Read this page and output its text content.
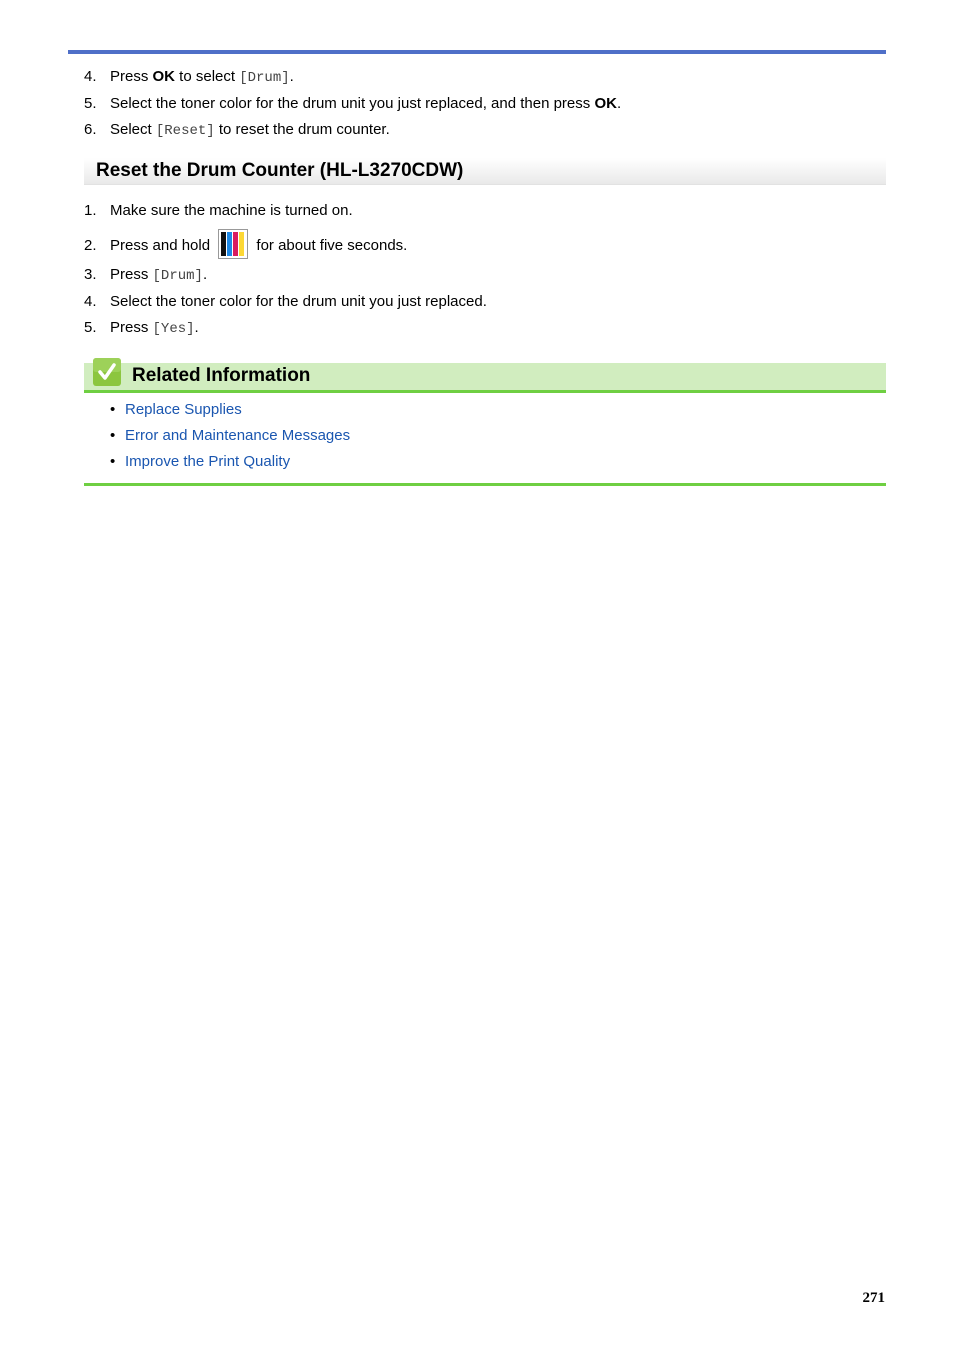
4. Press OK to select [Drum].
5. Select the toner color for the drum unit you just replaced, and then press OK.
6. Select [Reset] to reset the drum counter.
Reset the Drum Counter (HL-L3270CDW)
1. Make sure the machine is turned on.
2. Press and hold	for about five seconds.
3. Press [Drum].
4. Select the toner color for the drum unit you just replaced.
5. Press [Yes].
Related Information
• Replace Supplies
• Error and Maintenance Messages
• Improve the Print Quality
271
